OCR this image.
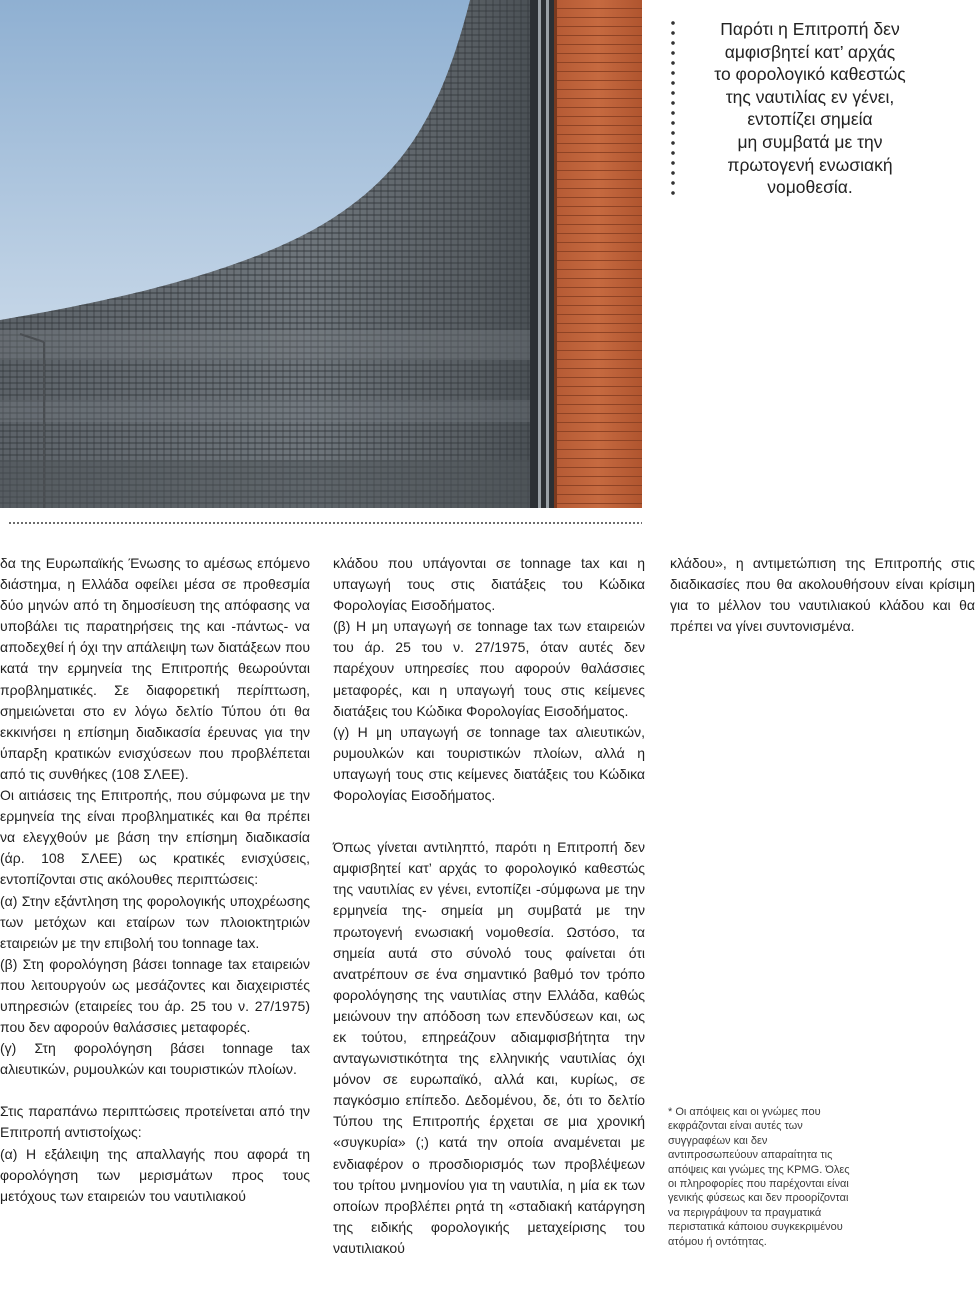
Παρότι η Επιτροπή δεν
αμφισβητεί κατ’ αρχάς
το φορολογικό καθεστώς
της ναυτιλίας εν γένει,
εντοπίζει σημεία
μη συμβατά με την
πρωτογενή ενωσιακή
νομοθεσία.

δα της Ευρωπαϊκής Ένωσης το αμέσως επόμενο διάστημα, η Ελλάδα οφείλει μέσα σε προθεσμία δύο μηνών από τη δημοσίευση της απόφασης να υποβάλει τις παρατηρήσεις της και -πάντως- να αποδεχθεί ή όχι την απάλειψη των διατάξεων που κατά την ερμηνεία της Επιτροπής θεωρούνται προβληματικές. Σε διαφορετική περίπτωση, σημειώνεται στο εν λόγω δελτίο Τύπου ότι θα εκκινήσει η επίσημη διαδικασία έρευνας για την ύπαρξη κρατικών ενισχύσεων που προβλέπεται από τις συνθήκες (108 ΣΛΕΕ).

Οι αιτιάσεις της Επιτροπής, που σύμφωνα με την ερμηνεία της είναι προβληματικές και θα πρέπει να ελεγχθούν με βάση την επίσημη διαδικασία (άρ. 108 ΣΛΕΕ) ως κρατικές ενισχύσεις, εντοπίζονται στις ακόλουθες περιπτώσεις:

(α) Στην εξάντληση της φορολογικής υποχρέωσης των μετόχων και εταίρων των πλοιοκτητριών εταιρειών με την επιβολή του tonnage tax.

(β) Στη φορολόγηση βάσει tonnage tax εταιρειών που λειτουργούν ως μεσάζοντες και διαχειριστές υπηρεσιών (εταιρείες του άρ. 25 του ν. 27/1975) που δεν αφορούν θαλάσσιες μεταφορές.

(γ) Στη φορολόγηση βάσει tonnage tax αλιευτικών, ρυμουλκών και τουριστικών πλοίων.

Στις παραπάνω περιπτώσεις προτείνεται από την Επιτροπή αντιστοίχως:

(α) Η εξάλειψη της απαλλαγής που αφορά τη φορολόγηση των μερισμάτων προς τους μετόχους των εταιρειών του ναυτιλιακού

κλάδου που υπάγονται σε tonnage tax και η υπαγωγή τους στις διατάξεις του Κώδικα Φορολογίας Εισοδήματος.

(β) Η μη υπαγωγή σε tonnage tax των εταιρειών του άρ. 25 του ν. 27/1975, όταν αυτές δεν παρέχουν υπηρεσίες που αφορούν θαλάσσιες μεταφορές, και η υπαγωγή τους στις κείμενες διατάξεις του Κώδικα Φορολογίας Εισοδήματος.

(γ) Η μη υπαγωγή σε tonnage tax αλιευτικών, ρυμουλκών και τουριστικών πλοίων, αλλά η υπαγωγή τους στις κείμενες διατάξεις του Κώδικα Φορολογίας Εισοδήματος.

Όπως γίνεται αντιληπτό, παρότι η Επιτροπή δεν αμφισβητεί κατ’ αρχάς το φορολογικό καθεστώς της ναυτιλίας εν γένει, εντοπίζει -σύμφωνα με την ερμηνεία της- σημεία μη συμβατά με την πρωτογενή ενωσιακή νομοθεσία. Ωστόσο, τα σημεία αυτά στο σύνολό τους φαίνεται ότι ανατρέπουν σε ένα σημαντικό βαθμό τον τρόπο φορολόγησης της ναυτιλίας στην Ελλάδα, καθώς μειώνουν την απόδοση των επενδύσεων και, ως εκ τούτου, επηρεάζουν αδιαμφισβήτητα την ανταγωνιστικότητα της ελληνικής ναυτιλίας όχι μόνον σε ευρωπαϊκό, αλλά και, κυρίως, σε παγκόσμιο επίπεδο. Δεδομένου, δε, ότι το δελτίο Τύπου της Επιτροπής έρχεται σε μια χρονική «συγκυρία» (;) κατά την οποία αναμένεται με ενδιαφέρον ο προσδιορισμός των προβλέψεων του τρίτου μνημονίου για τη ναυτιλία, η μία εκ των οποίων προβλέπει ρητά τη «σταδιακή κατάργηση της ειδικής φορολογικής μεταχείρισης του ναυτιλιακού

κλάδου», η αντιμετώπιση της Επιτροπής στις διαδικασίες που θα ακολουθήσουν είναι κρίσιμη για το μέλλον του ναυτιλιακού κλάδου και θα πρέπει να γίνει συντονισμένα.

* Οι απόψεις και οι γνώμες που εκφράζονται είναι αυτές των συγγραφέων και δεν αντιπροσωπεύουν απαραίτητα τις απόψεις και γνώμες της KPMG. Όλες οι πληροφορίες που παρέχονται είναι γενικής φύσεως και δεν προορίζονται να περιγράψουν τα πραγματικά περιστατικά κάποιου συγκεκριμένου ατόμου ή οντότητας.
